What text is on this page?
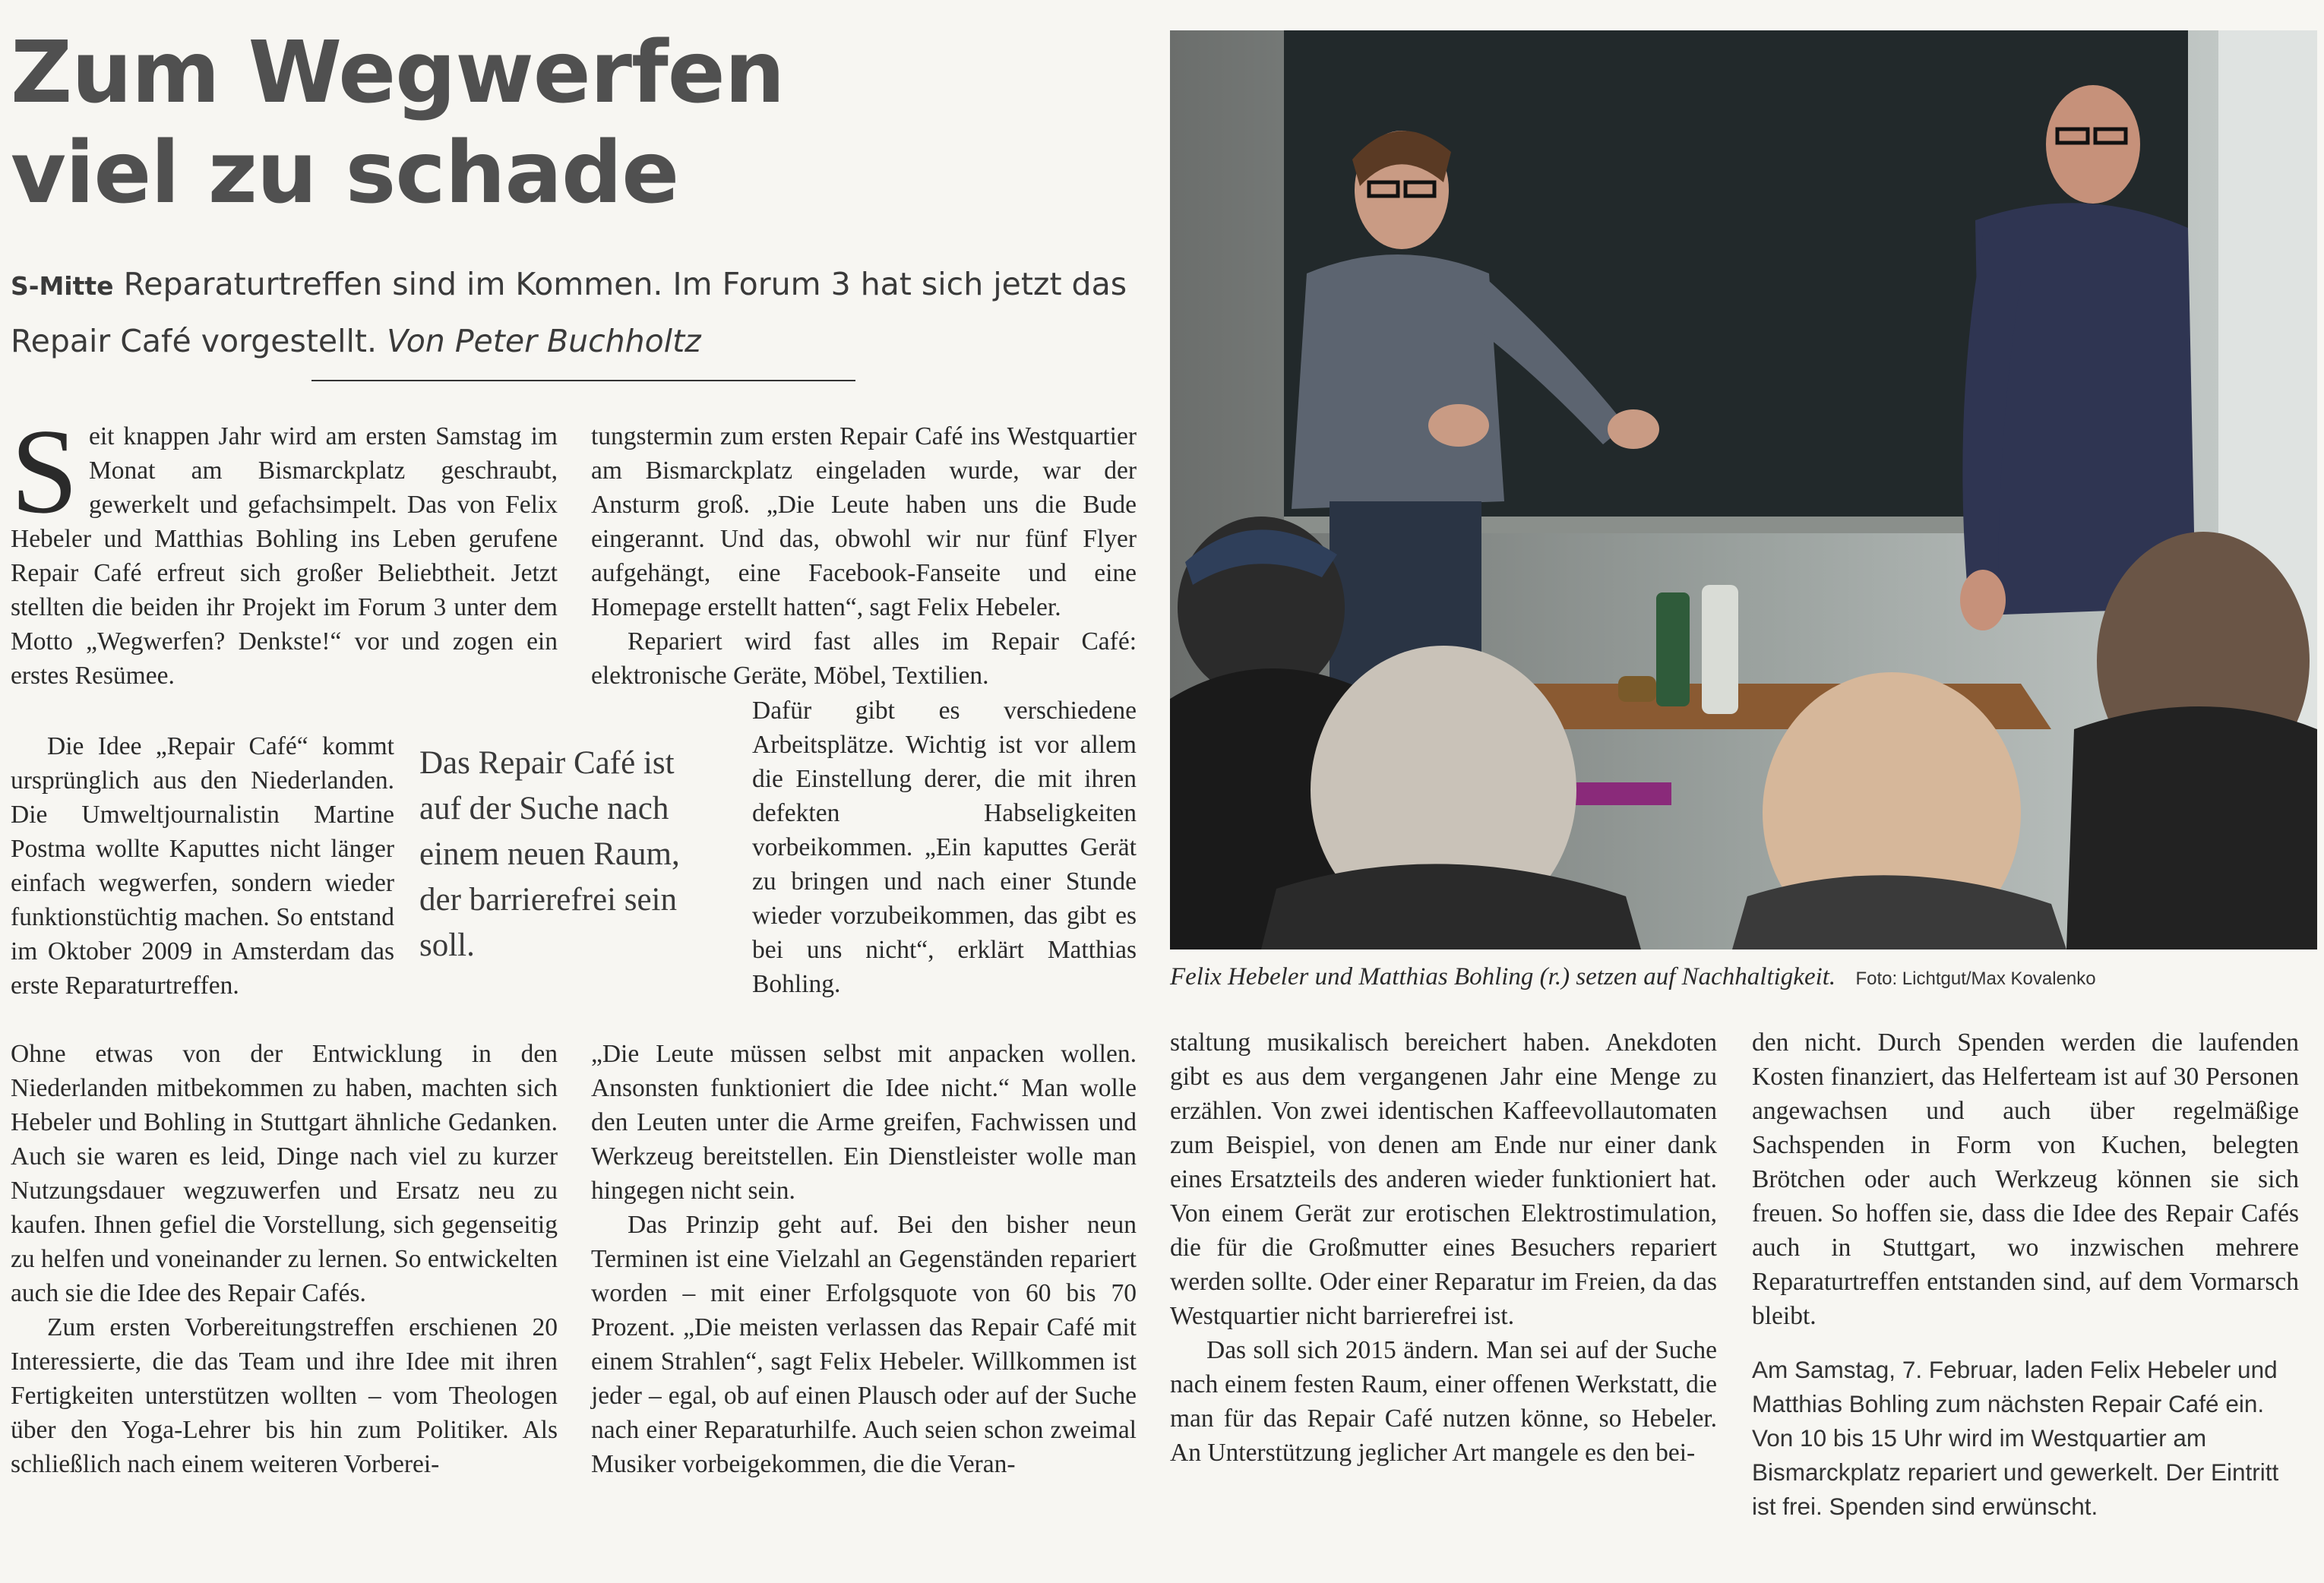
Zum Wegwerfen
viel zu schade
S-Mitte Reparaturtreffen sind im Kommen. Im Forum 3 hat sich jetzt das Repair Café vorgestellt. Von Peter Buchholtz

Seit knappen Jahr wird am ersten Samstag im Monat am Bismarckplatz geschraubt, gewerkelt und gefachsimpelt. Das von Felix Hebeler und Matthias Bohling ins Leben gerufene Repair Café erfreut sich großer Beliebtheit. Jetzt stellten die beiden ihr Projekt im Forum 3 unter dem Motto „Wegwerfen? Denkste!“ vor und zogen ein erstes Resümee.

Die Idee „Repair Café“ kommt ursprünglich aus den Niederlanden. Die Umweltjournalistin Martine Postma wollte Kaputtes nicht länger einfach wegwerfen, sondern wieder funktionstüchtig machen. So entstand im Oktober 2009 in Amsterdam das erste Reparaturtreffen.

Ohne etwas von der Entwicklung in den Niederlanden mitbekommen zu haben, machten sich Hebeler und Bohling in Stuttgart ähnliche Gedanken. Auch sie waren es leid, Dinge nach viel zu kurzer Nutzungsdauer wegzuwerfen und Ersatz neu zu kaufen. Ihnen gefiel die Vorstellung, sich gegenseitig zu helfen und voneinander zu lernen. So entwickelten auch sie die Idee des Repair Cafés.

Zum ersten Vorbereitungstreffen erschienen 20 Interessierte, die das Team und ihre Idee mit ihren Fertigkeiten unterstützen wollten – vom Theologen über den Yoga-Lehrer bis hin zum Politiker. Als schließlich nach einem weiteren Vorberei-

Das Repair Café ist auf der Suche nach einem neuen Raum, der barrierefrei sein soll.

tungstermin zum ersten Repair Café ins Westquartier am Bismarckplatz eingeladen wurde, war der Ansturm groß. „Die Leute haben uns die Bude eingerannt. Und das, obwohl wir nur fünf Flyer aufgehängt, eine Facebook-Fanseite und eine Homepage erstellt hatten“, sagt Felix Hebeler.

Repariert wird fast alles im Repair Café: elektronische Geräte, Möbel, Textilien.

Dafür gibt es verschiedene Arbeitsplätze. Wichtig ist vor allem die Einstellung derer, die mit ihren defekten Habseligkeiten vorbeikommen. „Ein kaputtes Gerät zu bringen und nach einer Stunde wieder vorzubeikommen, das gibt es bei uns nicht“, erklärt Matthias Bohling.

„Die Leute müssen selbst mit anpacken wollen. Ansonsten funktioniert die Idee nicht.“ Man wolle den Leuten unter die Arme greifen, Fachwissen und Werkzeug bereitstellen. Ein Dienstleister wolle man hingegen nicht sein.

Das Prinzip geht auf. Bei den bisher neun Terminen ist eine Vielzahl an Gegenständen repariert worden – mit einer Erfolgsquote von 60 bis 70 Prozent. „Die meisten verlassen das Repair Café mit einem Strahlen“, sagt Felix Hebeler. Willkommen ist jeder – egal, ob auf einen Plausch oder auf der Suche nach einer Reparaturhilfe. Auch seien schon zweimal Musiker vorbeigekommen, die die Veran-

Felix Hebeler und Matthias Bohling (r.) setzen auf Nachhaltigkeit. Foto: Lichtgut/Max Kovalenko

staltung musikalisch bereichert haben. Anekdoten gibt es aus dem vergangenen Jahr eine Menge zu erzählen. Von zwei identischen Kaffeevollautomaten zum Beispiel, von denen am Ende nur einer dank eines Ersatzteils des anderen wieder funktioniert hat. Von einem Gerät zur erotischen Elektrostimulation, die für die Großmutter eines Besuchers repariert werden sollte. Oder einer Reparatur im Freien, da das Westquartier nicht barrierefrei ist.

Das soll sich 2015 ändern. Man sei auf der Suche nach einem festen Raum, einer offenen Werkstatt, die man für das Repair Café nutzen könne, so Hebeler. An Unterstützung jeglicher Art mangele es den bei-

den nicht. Durch Spenden werden die laufenden Kosten finanziert, das Helferteam ist auf 30 Personen angewachsen und auch über regelmäßige Sachspenden in Form von Kuchen, belegten Brötchen oder auch Werkzeug können sie sich freuen. So hoffen sie, dass die Idee des Repair Cafés auch in Stuttgart, wo inzwischen mehrere Reparaturtreffen entstanden sind, auf dem Vormarsch bleibt.

Am Samstag, 7. Februar, laden Felix Hebeler und Matthias Bohling zum nächsten Repair Café ein. Von 10 bis 15 Uhr wird im Westquartier am Bismarckplatz repariert und gewerkelt. Der Eintritt ist frei. Spenden sind erwünscht.
